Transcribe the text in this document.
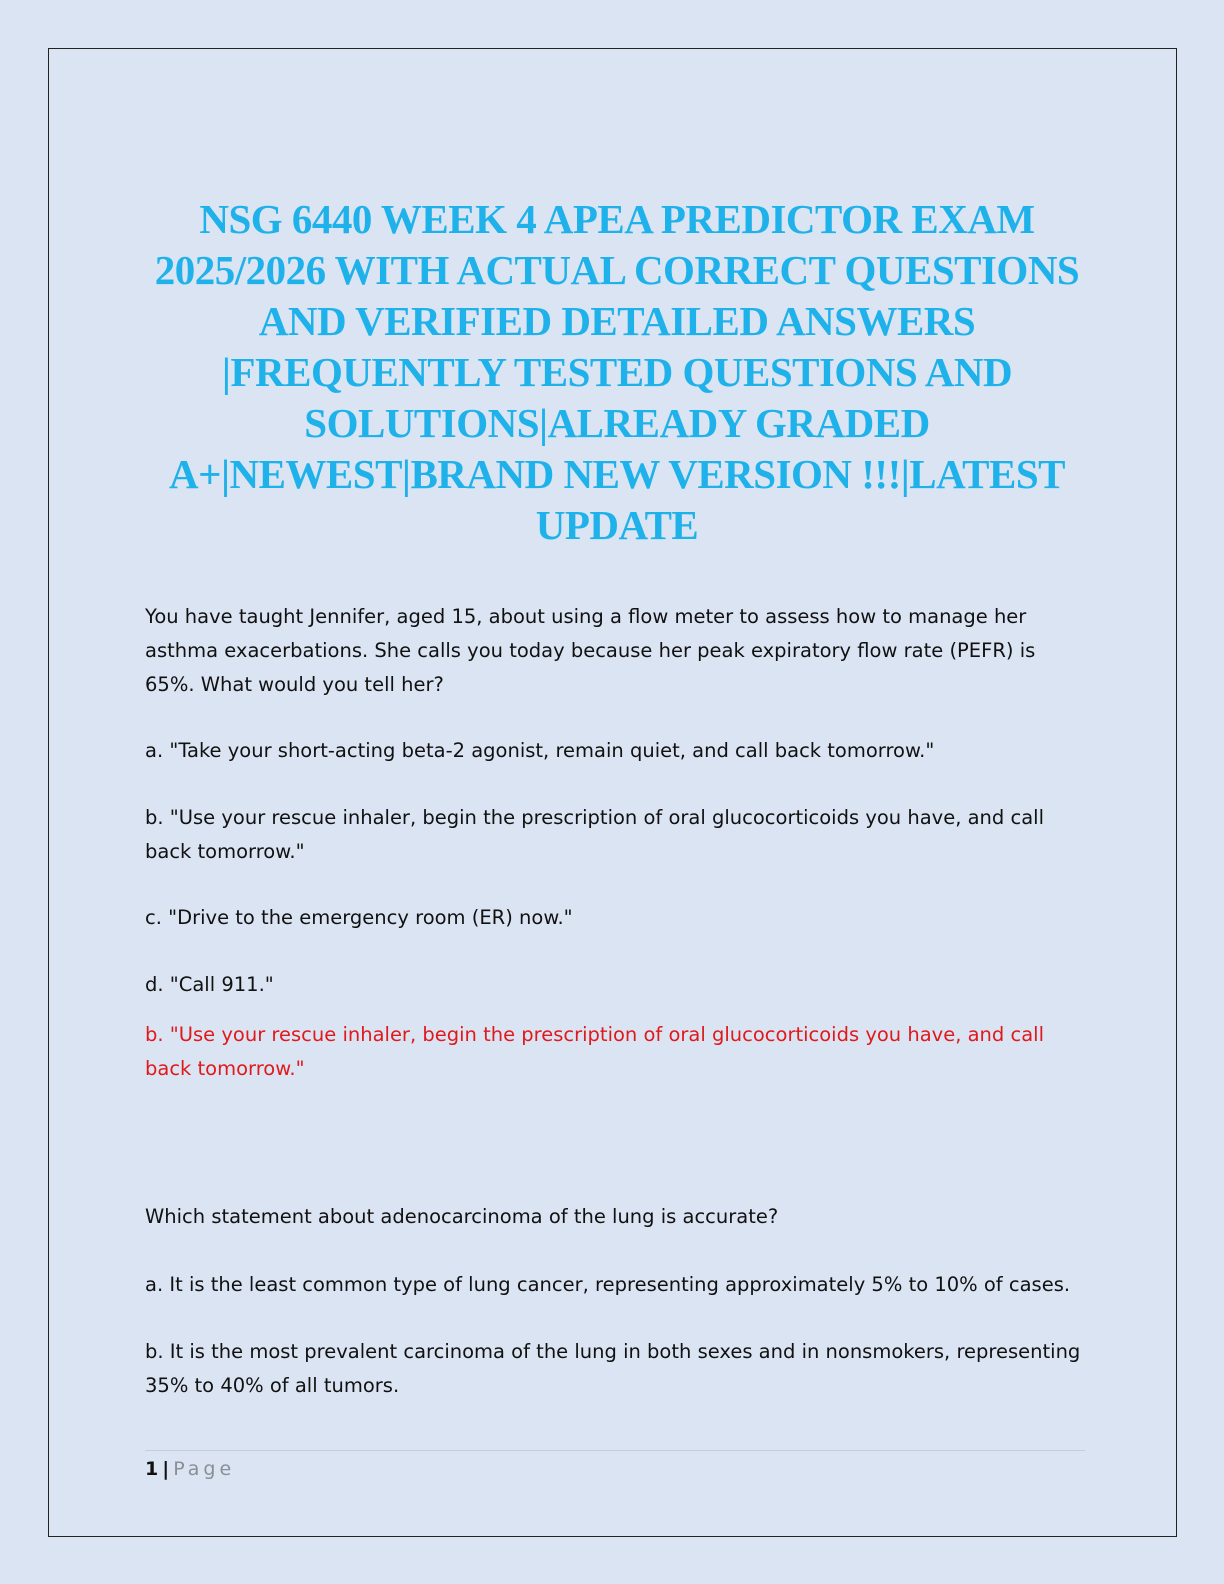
NSG 6440 WEEK 4 APEA PREDICTOR EXAM 2025/2026 WITH ACTUAL CORRECT QUESTIONS AND VERIFIED DETAILED ANSWERS |FREQUENTLY TESTED QUESTIONS AND SOLUTIONS|ALREADY GRADED A+|NEWEST|BRAND NEW VERSION !!!|LATEST UPDATE

You have taught Jennifer, aged 15, about using a flow meter to assess how to manage her asthma exacerbations. She calls you today because her peak expiratory flow rate (PEFR) is 65%. What would you tell her?

a. "Take your short-acting beta-2 agonist, remain quiet, and call back tomorrow."

b. "Use your rescue inhaler, begin the prescription of oral glucocorticoids you have, and call back tomorrow."

c. "Drive to the emergency room (ER) now."

d. "Call 911."

b. "Use your rescue inhaler, begin the prescription of oral glucocorticoids you have, and call back tomorrow."

Which statement about adenocarcinoma of the lung is accurate?

a. It is the least common type of lung cancer, representing approximately 5% to 10% of cases.

b. It is the most prevalent carcinoma of the lung in both sexes and in nonsmokers, representing 35% to 40% of all tumors.

1 | Page
